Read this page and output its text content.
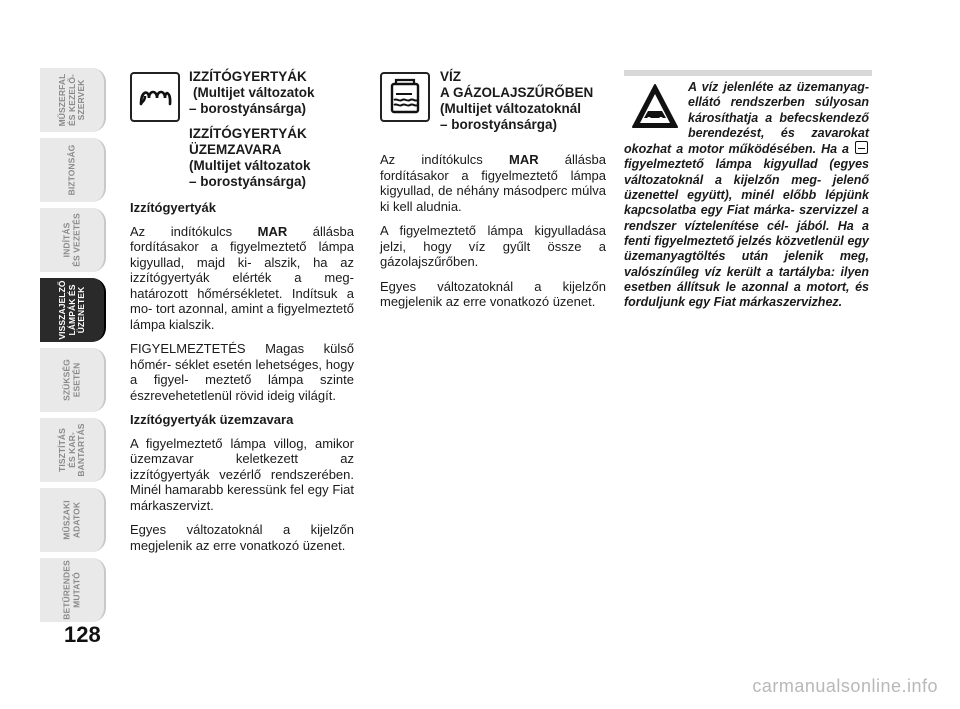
MŰSZERFAL ÉS KEZELŐ- SZERVEK
BIZTONSÁG
INDÍTÁS ÉS VEZETÉS
VISSZAJELZŐ LÁMPÁK ÉS ÜZENETEK
SZÜKSÉG ESETÉN
TISZTÍTÁS ÉS KAR- BANTARTÁS
MŰSZAKI ADATOK
BETŰRENDES MUTATÓ
128
IZZÍTÓGYERTYÁK
(Multijet változatok
– borostyánsárga)
IZZÍTÓGYERTYÁK
ÜZEMZAVARA
(Multijet változatok
– borostyánsárga)
Izzítógyertyák

Az indítókulcs MAR állásba fordításakor a figyelmeztető lámpa kigyullad, majd ki- alszik, ha az izzítógyertyák elérték a meg- határozott hőmérsékletet. Indítsuk a mo- tort azonnal, amint a figyelmeztető lámpa kialszik.

FIGYELMEZTETÉS Magas külső hőmér- séklet esetén lehetséges, hogy a figyel- meztető lámpa szinte észrevehetetlenül rövid ideig világít.

Izzítógyertyák üzemzavara

A figyelmeztető lámpa villog, amikor üzemzavar keletkezett az izzítógyertyák vezérlő rendszerében. Minél hamarabb keressünk fel egy Fiat márkaszervizt.

Egyes változatoknál a kijelzőn megjelenik az erre vonatkozó üzenet.

VÍZ
A GÁZOLAJSZŰRŐBEN
(Multijet változatoknál
– borostyánsárga)

Az indítókulcs MAR állásba fordításakor a figyelmeztető lámpa kigyullad, de néhány másodperc múlva ki kell aludnia.

A figyelmeztető lámpa kigyulladása jelzi, hogy víz gyűlt össze a gázolajszűrőben.

Egyes változatoknál a kijelzőn megjelenik az erre vonatkozó üzenet.

A víz jelenléte az üzemanyag- ellátó rendszerben súlyosan károsíthatja a befecskendező berendezést, és zavarokat okozhat a motor működésében. Ha a
figyelmeztető lámpa kigyullad (egyes változatoknál a kijelzőn meg- jelenő üzenettel együtt), minél előbb lépjünk kapcsolatba egy Fiat márka- szervizzel a rendszer víztelenítése cél- jából. Ha a fenti figyelmeztető jelzés közvetlenül egy üzemanyagtöltés után jelenik meg, valószínűleg víz került a tartályba: ilyen esetben állítsuk le azonnal a motort, és forduljunk egy Fiat márkaszervizhez.
carmanualsonline.info
